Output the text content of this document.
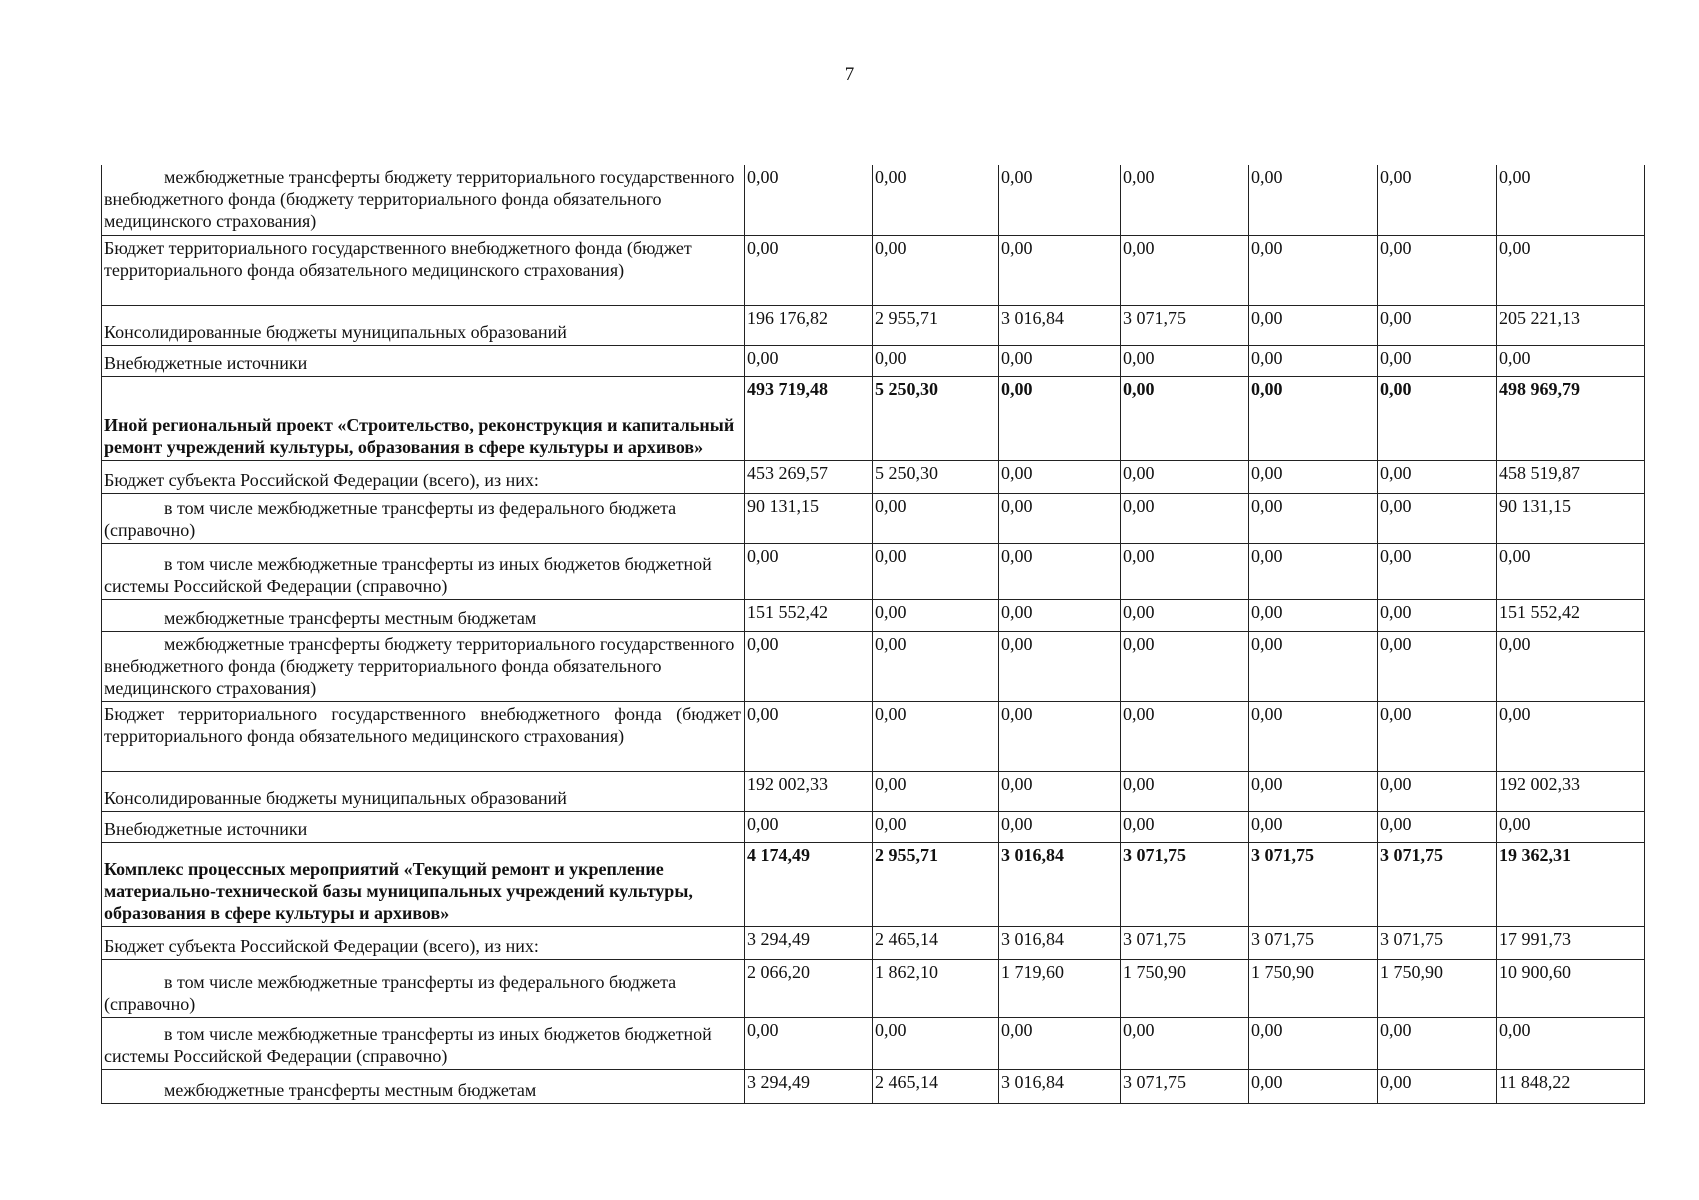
7
межбюджетные трансферты бюджету территориального государственного внебюджетного фонда (бюджету территориального фонда обязательного медицинского страхования)	0,00	0,00	0,00	0,00	0,00	0,00	0,00
Бюджет территориального государственного внебюджетного фонда (бюджет территориального фонда обязательного медицинского страхования)	0,00	0,00	0,00	0,00	0,00	0,00	0,00
Консолидированные бюджеты муниципальных образований	196 176,82	2 955,71	3 016,84	3 071,75	0,00	0,00	205 221,13
Внебюджетные источники	0,00	0,00	0,00	0,00	0,00	0,00	0,00
Иной региональный проект «Строительство, реконструкция и капитальный ремонт учреждений культуры, образования в сфере культуры и архивов»	493 719,48	5 250,30	0,00	0,00	0,00	0,00	498 969,79
Бюджет субъекта Российской Федерации (всего), из них:	453 269,57	5 250,30	0,00	0,00	0,00	0,00	458 519,87
в том числе межбюджетные трансферты из федерального бюджета (справочно)	90 131,15	0,00	0,00	0,00	0,00	0,00	90 131,15
в том числе межбюджетные трансферты из иных бюджетов бюджетной системы Российской Федерации (справочно)	0,00	0,00	0,00	0,00	0,00	0,00	0,00
межбюджетные трансферты местным бюджетам	151 552,42	0,00	0,00	0,00	0,00	0,00	151 552,42
межбюджетные трансферты бюджету территориального государственного внебюджетного фонда (бюджету территориального фонда обязательного медицинского страхования)	0,00	0,00	0,00	0,00	0,00	0,00	0,00
Бюджет территориального государственного внебюджетного фонда (бюджет территориального фонда обязательного медицинского страхования)	0,00	0,00	0,00	0,00	0,00	0,00	0,00
Консолидированные бюджеты муниципальных образований	192 002,33	0,00	0,00	0,00	0,00	0,00	192 002,33
Внебюджетные источники	0,00	0,00	0,00	0,00	0,00	0,00	0,00
Комплекс процессных мероприятий «Текущий ремонт и укрепление материально-технической базы муниципальных учреждений культуры, образования в сфере культуры и архивов»	4 174,49	2 955,71	3 016,84	3 071,75	3 071,75	3 071,75	19 362,31
Бюджет субъекта Российской Федерации (всего), из них:	3 294,49	2 465,14	3 016,84	3 071,75	3 071,75	3 071,75	17 991,73
в том числе межбюджетные трансферты из федерального бюджета (справочно)	2 066,20	1 862,10	1 719,60	1 750,90	1 750,90	1 750,90	10 900,60
в том числе межбюджетные трансферты из иных бюджетов бюджетной системы Российской Федерации (справочно)	0,00	0,00	0,00	0,00	0,00	0,00	0,00
межбюджетные трансферты местным бюджетам	3 294,49	2 465,14	3 016,84	3 071,75	0,00	0,00	11 848,22
